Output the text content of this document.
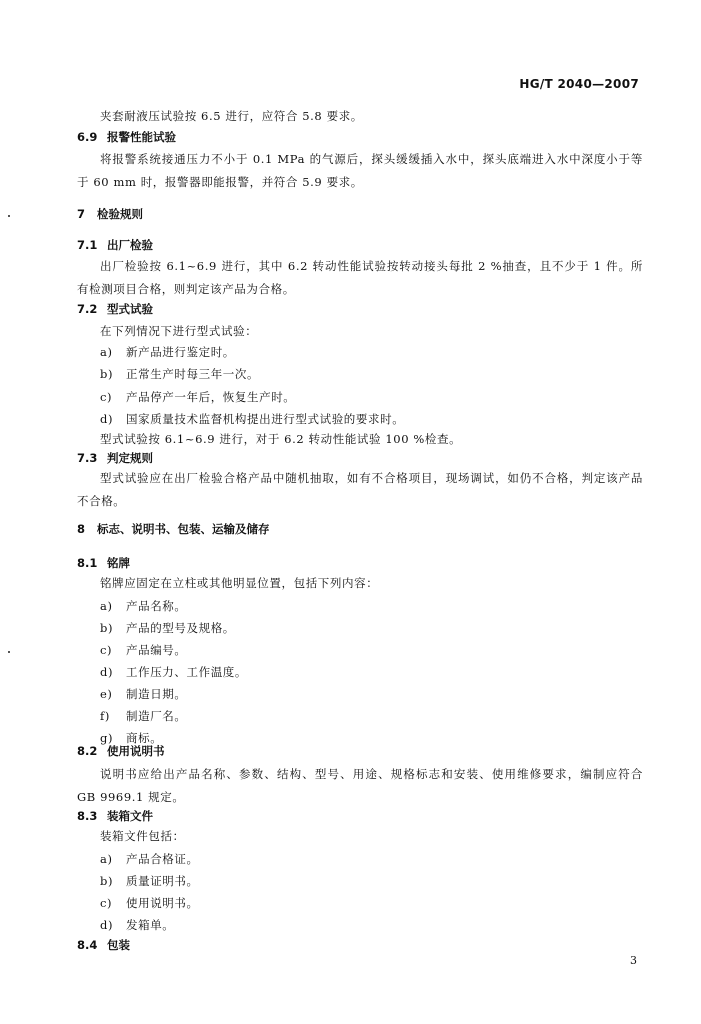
HG/T 2040—2007
夹套耐液压试验按 6.5 进行，应符合 5.8 要求。
6.9 报警性能试验
将报警系统接通压力不小于 0.1 MPa 的气源后，探头缓缓插入水中，探头底端进入水中深度小于等于 60 mm 时，报警器即能报警，并符合 5.9 要求。
7 检验规则
7.1 出厂检验
出厂检验按 6.1~6.9 进行，其中 6.2 转动性能试验按转动接头每批 2 %抽查，且不少于 1 件。所有检测项目合格，则判定该产品为合格。
7.2 型式试验
在下列情况下进行型式试验：
a) 新产品进行鉴定时。
b) 正常生产时每三年一次。
c) 产品停产一年后，恢复生产时。
d) 国家质量技术监督机构提出进行型式试验的要求时。
型式试验按 6.1~6.9 进行，对于 6.2 转动性能试验 100 %检查。
7.3 判定规则
型式试验应在出厂检验合格产品中随机抽取，如有不合格项目，现场调试，如仍不合格，判定该产品不合格。
8 标志、说明书、包装、运输及储存
8.1 铭牌
铭牌应固定在立柱或其他明显位置，包括下列内容：
a) 产品名称。
b) 产品的型号及规格。
c) 产品编号。
d) 工作压力、工作温度。
e) 制造日期。
f) 制造厂名。
g) 商标。
8.2 使用说明书
说明书应给出产品名称、参数、结构、型号、用途、规格标志和安装、使用维修要求，编制应符合 GB 9969.1 规定。
8.3 装箱文件
装箱文件包括：
a) 产品合格证。
b) 质量证明书。
c) 使用说明书。
d) 发箱单。
8.4 包装
3
